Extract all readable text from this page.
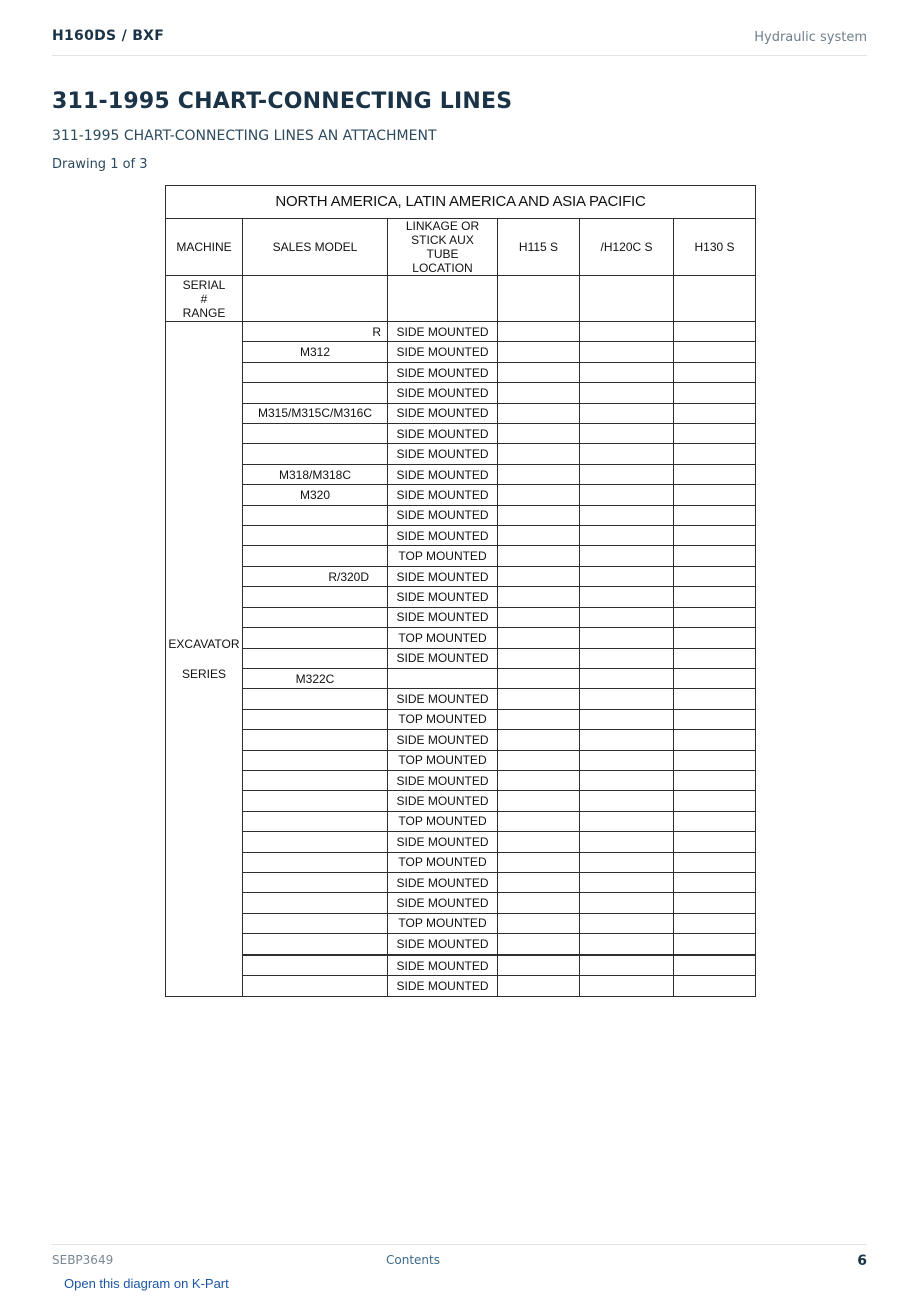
H160DS / BXF	Hydraulic system
311-1995 CHART-CONNECTING LINES
311-1995 CHART-CONNECTING LINES AN ATTACHMENT
Drawing 1 of 3
NORTH AMERICA, LATIN AMERICA AND ASIA PACIFIC					
MACHINE	SALES MODEL	LINKAGE OR STICK AUX TUBE LOCATION	H115 S	/H120C S	H130 S
SERIAL # RANGE					

EXCAVATOR
SERIES	R	SIDE MOUNTED			
	M312	SIDE MOUNTED			
		SIDE MOUNTED			
		SIDE MOUNTED			
	M315/M315C/M316C	SIDE MOUNTED			
		SIDE MOUNTED			
		SIDE MOUNTED			
	M318/M318C	SIDE MOUNTED			
	M320	SIDE MOUNTED			
		SIDE MOUNTED			
		SIDE MOUNTED			
		TOP MOUNTED			
	R/320D	SIDE MOUNTED			
		SIDE MOUNTED			
		SIDE MOUNTED			
		TOP MOUNTED			
		SIDE MOUNTED			
	M322C				
		SIDE MOUNTED			
		TOP MOUNTED			
		SIDE MOUNTED			
		TOP MOUNTED			
		SIDE MOUNTED			
		SIDE MOUNTED			
		TOP MOUNTED			
		SIDE MOUNTED			
		TOP MOUNTED			
		SIDE MOUNTED			
		SIDE MOUNTED			
		TOP MOUNTED			
		SIDE MOUNTED			

		SIDE MOUNTED			
		SIDE MOUNTED			
SEBP3649	Contents	6
Open this diagram on K-Part
